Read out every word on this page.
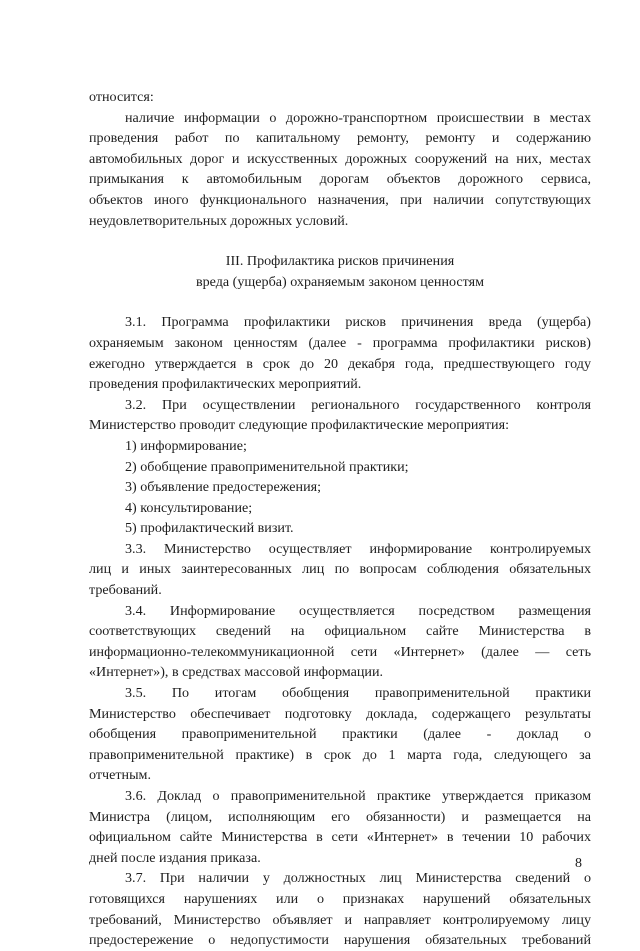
относится:

наличие информации о дорожно-транспортном происшествии в местах

проведения работ по капитальному ремонту, ремонту и содержанию

автомобильных дорог и искусственных дорожных сооружений на них, местах

примыкания к автомобильным дорогам объектов дорожного сервиса,

объектов иного функционального назначения, при наличии сопутствующих

неудовлетворительных дорожных условий.

III. Профилактика рисков причинения

вреда (ущерба) охраняемым законом ценностям

3.1. Программа профилактики рисков причинения вреда (ущерба)

охраняемым законом ценностям (далее - программа профилактики рисков)

ежегодно утверждается в срок до 20 декабря года, предшествующего году

проведения профилактических мероприятий.

3.2. При осуществлении регионального государственного контроля

Министерство проводит следующие профилактические мероприятия:

1) информирование;

2) обобщение правоприменительной практики;

3) объявление предостережения;

4) консультирование;

5) профилактический визит.

3.3. Министерство осуществляет информирование контролируемых

лиц и иных заинтересованных лиц по вопросам соблюдения обязательных

требований.

3.4. Информирование осуществляется посредством размещения

соответствующих сведений на официальном сайте Министерства в

информационно-телекоммуникационной сети «Интернет» (далее — сеть

«Интернет»), в средствах массовой информации.

3.5. По итогам обобщения правоприменительной практики

Министерство обеспечивает подготовку доклада, содержащего результаты

обобщения правоприменительной практики (далее - доклад о

правоприменительной практике) в срок до 1 марта года, следующего за

отчетным.

3.6. Доклад о правоприменительной практике утверждается приказом

Министра (лицом, исполняющим его обязанности) и размещается на

официальном сайте Министерства в сети «Интернет» в течении 10 рабочих

дней после издания приказа.

3.7. При наличии у должностных лиц Министерства сведений о

готовящихся нарушениях или о признаках нарушений обязательных

требований, Министерство объявляет и направляет контролируемому лицу

предостережение о недопустимости нарушения обязательных требований

8
